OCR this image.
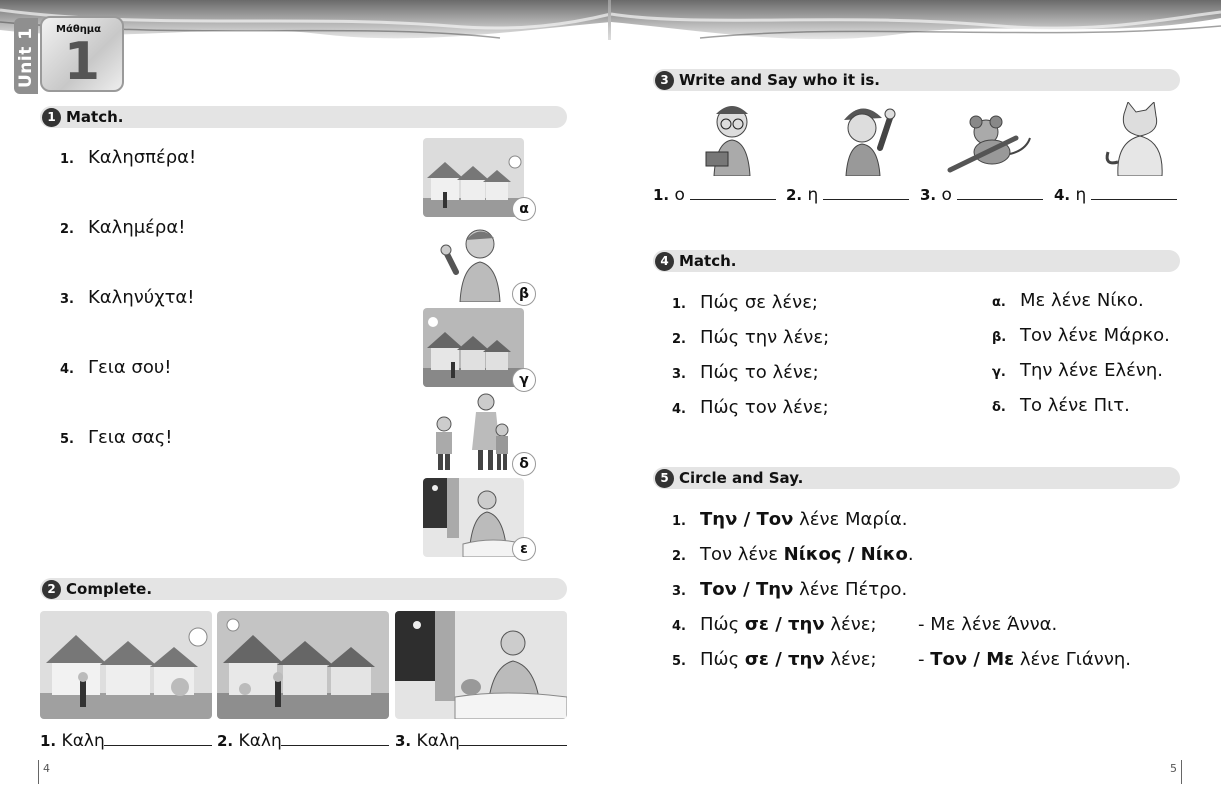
Unit 1 Μάθημα
1
1 Match.
1. Καλησπέρα!
2. Καλημέρα!
3. Καληνύχτα!
4. Γεια σου!
5. Γεια σας!
α
β
γ
δ
ε
2 Complete.
1. Καλη	2. Καλη	3. Καλη
4
3 Write and Say who it is.
1. ο	2. η	3. ο	4. η
4 Match.
1. Πώς σε λένε;
2. Πώς την λένε;
3. Πώς το λένε;
4. Πώς τον λένε;
α. Με λένε Νίκο.
β. Τον λένε Μάρκο.
γ. Την λένε Ελένη.
δ. Το λένε Πιτ.
5 Circle and Say.
1. Την / Τον λένε Μαρία.
2. Τον λένε Νίκος / Νίκο.
3. Τον / Την λένε Πέτρο.
4. Πώς σε / την λένε; - Με λένε Άννα.
5. Πώς σε / την λένε; - Τον / Με λένε Γιάννη.
5
